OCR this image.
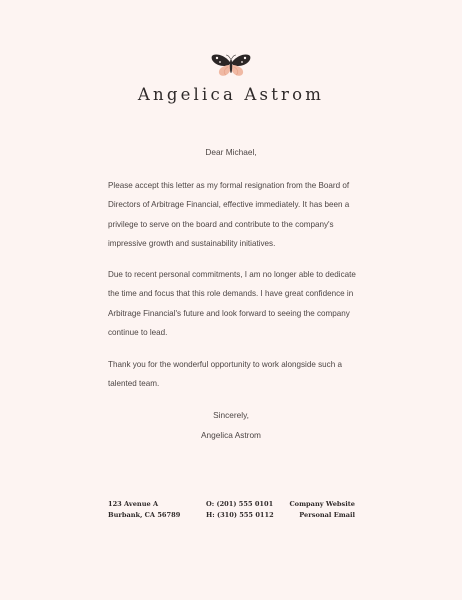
Angelica Astrom
Dear Michael,

Please accept this letter as my formal resignation from the Board of Directors of Arbitrage Financial, effective immediately. It has been a privilege to serve on the board and contribute to the company's impressive growth and sustainability initiatives.

Due to recent personal commitments, I am no longer able to dedicate the time and focus that this role demands. I have great confidence in Arbitrage Financial's future and look forward to seeing the company continue to lead.

Thank you for the wonderful opportunity to work alongside such a talented team.

Sincerely,
Angelica Astrom
123 Avenue A
Burbank, CA 56789
O: (201) 555 0101
H: (310) 555 0112
Company Website
Personal Email
